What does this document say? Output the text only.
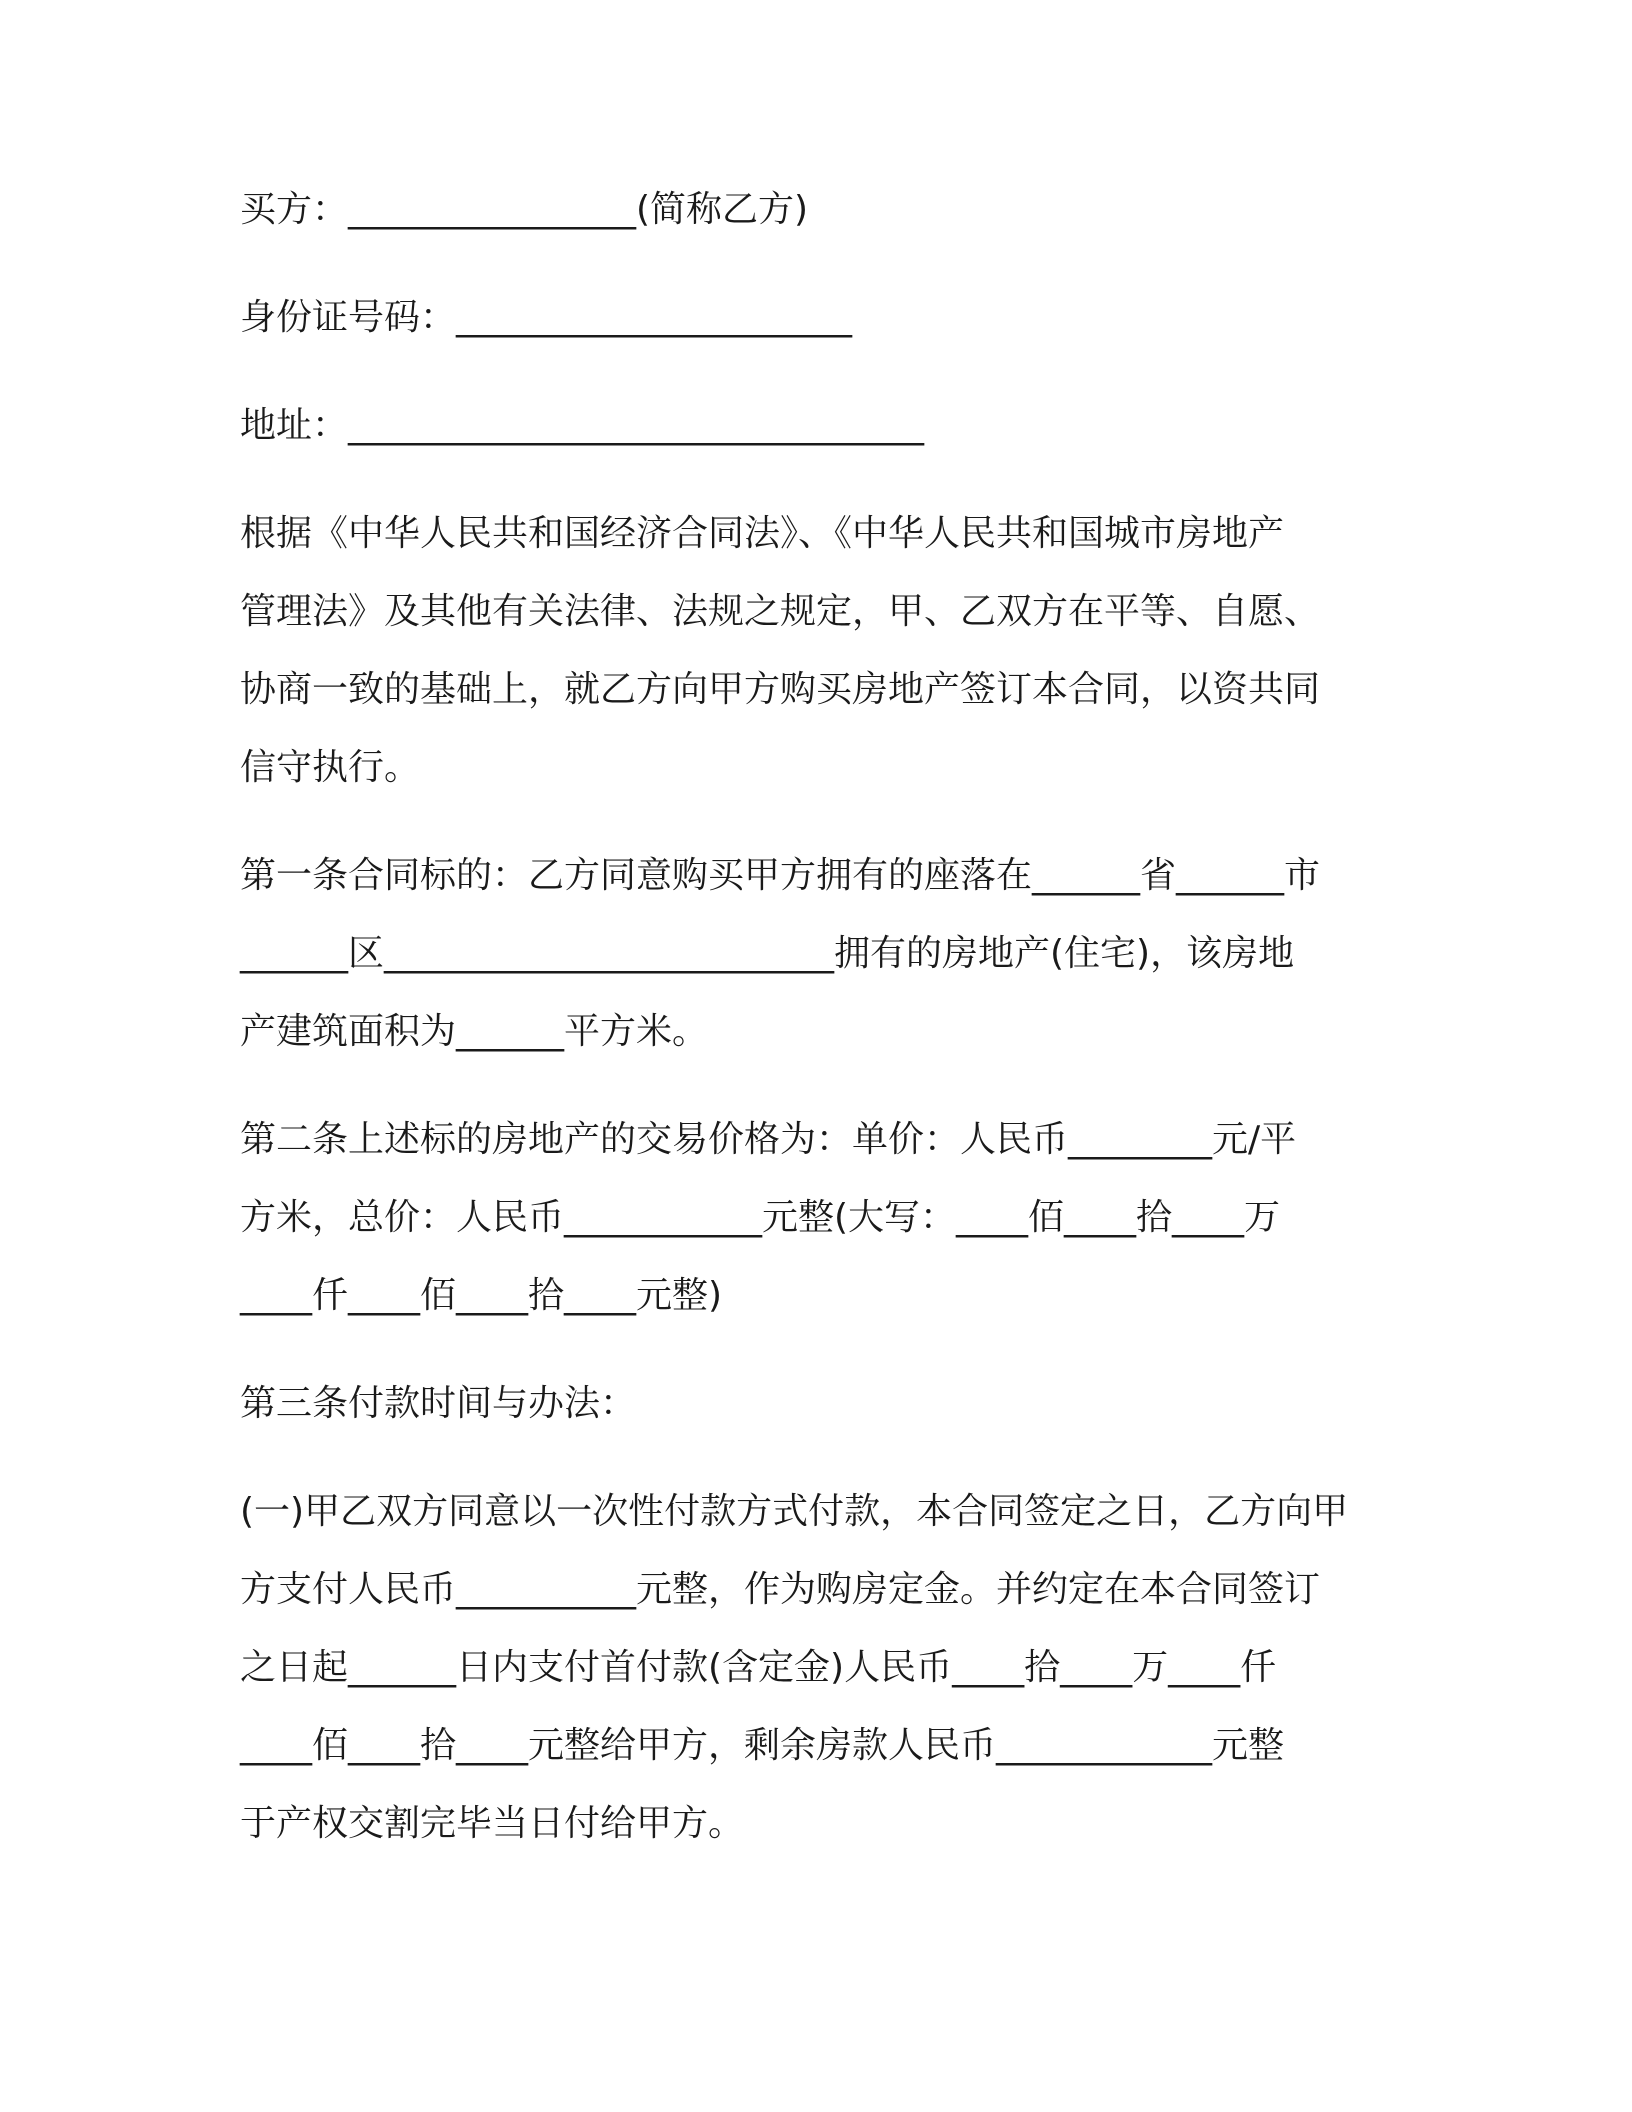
买方：________________(简称乙方)

身份证号码：______________________

地址：________________________________

根据《中华人民共和国经济合同法》、《中华人民共和国城市房地产

管理法》及其他有关法律、法规之规定，甲、乙双方在平等、自愿、

协商一致的基础上，就乙方向甲方购买房地产签订本合同，以资共同

信守执行。

第一条合同标的：乙方同意购买甲方拥有的座落在______省______市

______区_________________________拥有的房地产(住宅)，该房地

产建筑面积为______平方米。

第二条上述标的房地产的交易价格为：单价：人民币________元/平

方米，总价：人民币___________元整(大写：____佰____拾____万

____仟____佰____拾____元整)

第三条付款时间与办法：

(一)甲乙双方同意以一次性付款方式付款，本合同签定之日，乙方向甲

方支付人民币__________元整，作为购房定金。并约定在本合同签订

之日起______日内支付首付款(含定金)人民币____拾____万____仟

____佰____拾____元整给甲方，剩余房款人民币____________元整

于产权交割完毕当日付给甲方。
